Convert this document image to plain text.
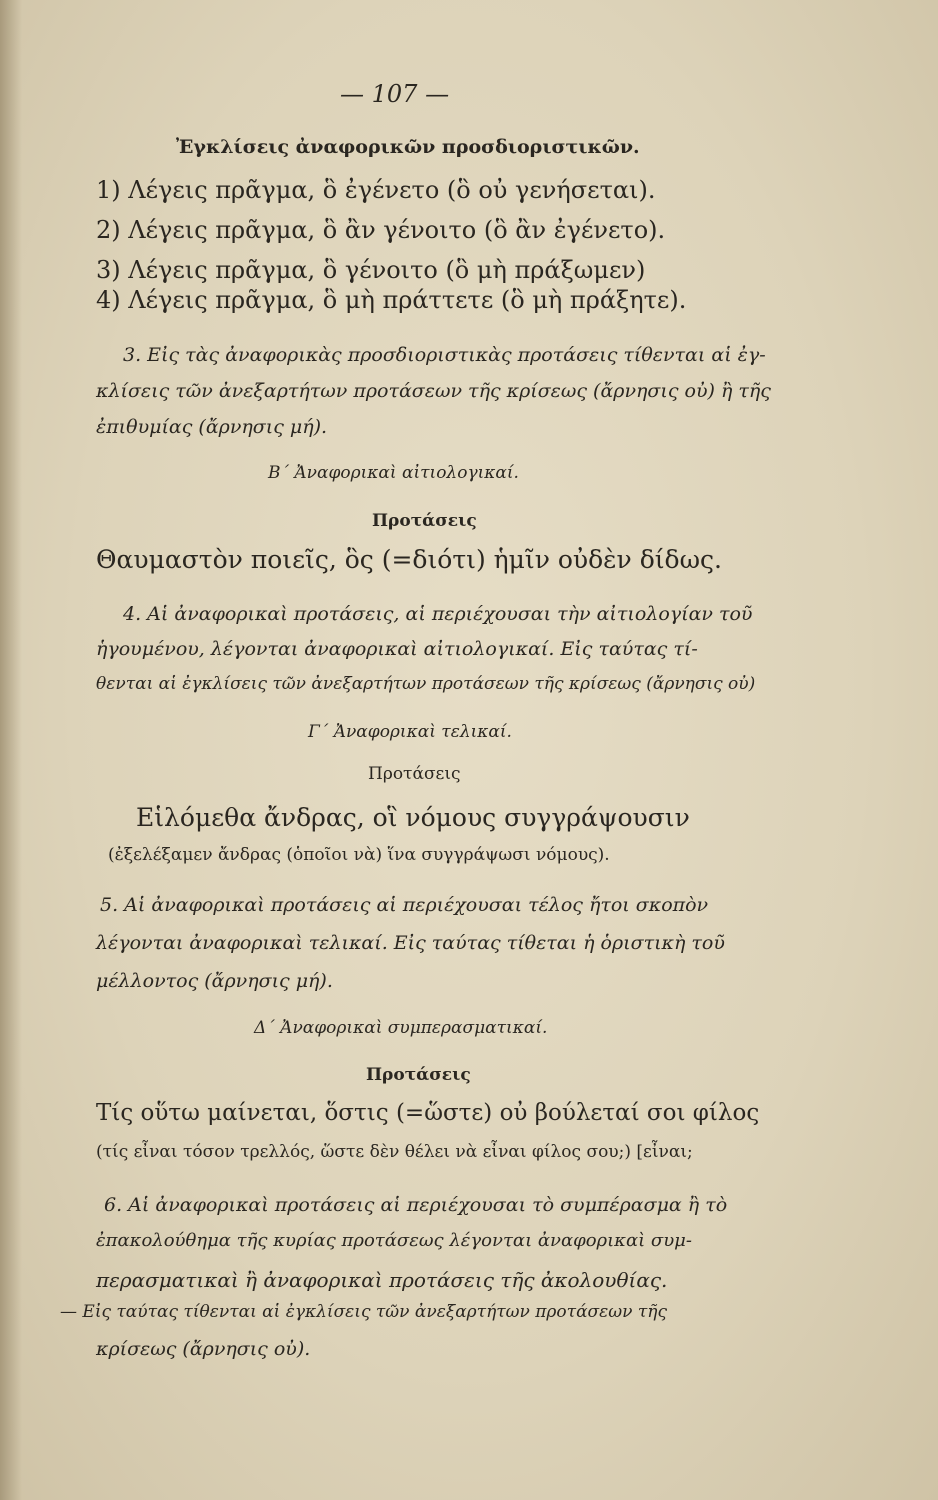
— 107 —
Ἐγκλίσεις ἀναφορικῶν προσδιοριστικῶν.
1) Λέγεις πρᾶγμα, ὃ ἐγένετο (ὃ οὐ γενήσεται).
2) Λέγεις πρᾶγμα, ὃ ἂν γένοιτο (ὃ ἂν ἐγένετο).
3) Λέγεις πρᾶγμα, ὃ γένοιτο (ὃ μὴ πράξωμεν)
4) Λέγεις πρᾶγμα, ὃ μὴ πράττετε (ὃ μὴ πράξητε).
3. Εἰς τὰς ἀναφορικὰς προσδιοριστικὰς προτάσεις τίθενται αἱ ἐγ-
κλίσεις τῶν ἀνεξαρτήτων προτάσεων τῆς κρίσεως (ἄρνησις οὐ) ἢ τῆς
ἐπιθυμίας (ἄρνησις μή).
Β΄ Ἀναφορικαὶ αἰτιολογικαί.
Προτάσεις
Θαυμαστὸν ποιεῖς, ὃς (=διότι) ἡμῖν οὐδὲν δίδως.
4. Αἱ ἀναφορικαὶ προτάσεις, αἱ περιέχουσαι τὴν αἰτιολογίαν τοῦ
ἡγουμένου, λέγονται ἀναφορικαὶ αἰτιολογικαί. Εἰς ταύτας τί-
θενται αἱ ἐγκλίσεις τῶν ἀνεξαρτήτων προτάσεων τῆς κρίσεως (ἄρνησις οὐ)
Γ΄ Ἀναφορικαὶ τελικαί.
Προτάσεις
Εἱλόμεθα ἄνδρας, οἳ νόμους συγγράψουσιν
(ἐξελέξαμεν ἄνδρας (ὁποῖοι νὰ) ἵνα συγγράψωσι νόμους).
5. Αἱ ἀναφορικαὶ προτάσεις αἱ περιέχουσαι τέλος ἤτοι σκοπὸν
λέγονται ἀναφορικαὶ τελικαί. Εἰς ταύτας τίθεται ἡ ὁριστικὴ τοῦ
μέλλοντος (ἄρνησις μή).
Δ΄ Ἀναφορικαὶ συμπερασματικαί.
Προτάσεις
Τίς οὕτω μαίνεται, ὅστις (=ὥστε) οὐ βούλεταί σοι φίλος
(τίς εἶναι τόσον τρελλός, ὥστε δὲν θέλει νὰ εἶναι φίλος σου;) [εἶναι;
6. Αἱ ἀναφορικαὶ προτάσεις αἱ περιέχουσαι τὸ συμπέρασμα ἢ τὸ
ἐπακολούθημα τῆς κυρίας προτάσεως λέγονται ἀναφορικαὶ συμ-
περασματικαὶ ἢ ἀναφορικαὶ προτάσεις τῆς ἀκολουθίας.
— Εἰς ταύτας τίθενται αἱ ἐγκλίσεις τῶν ἀνεξαρτήτων προτάσεων τῆς
κρίσεως (ἄρνησις οὐ).
